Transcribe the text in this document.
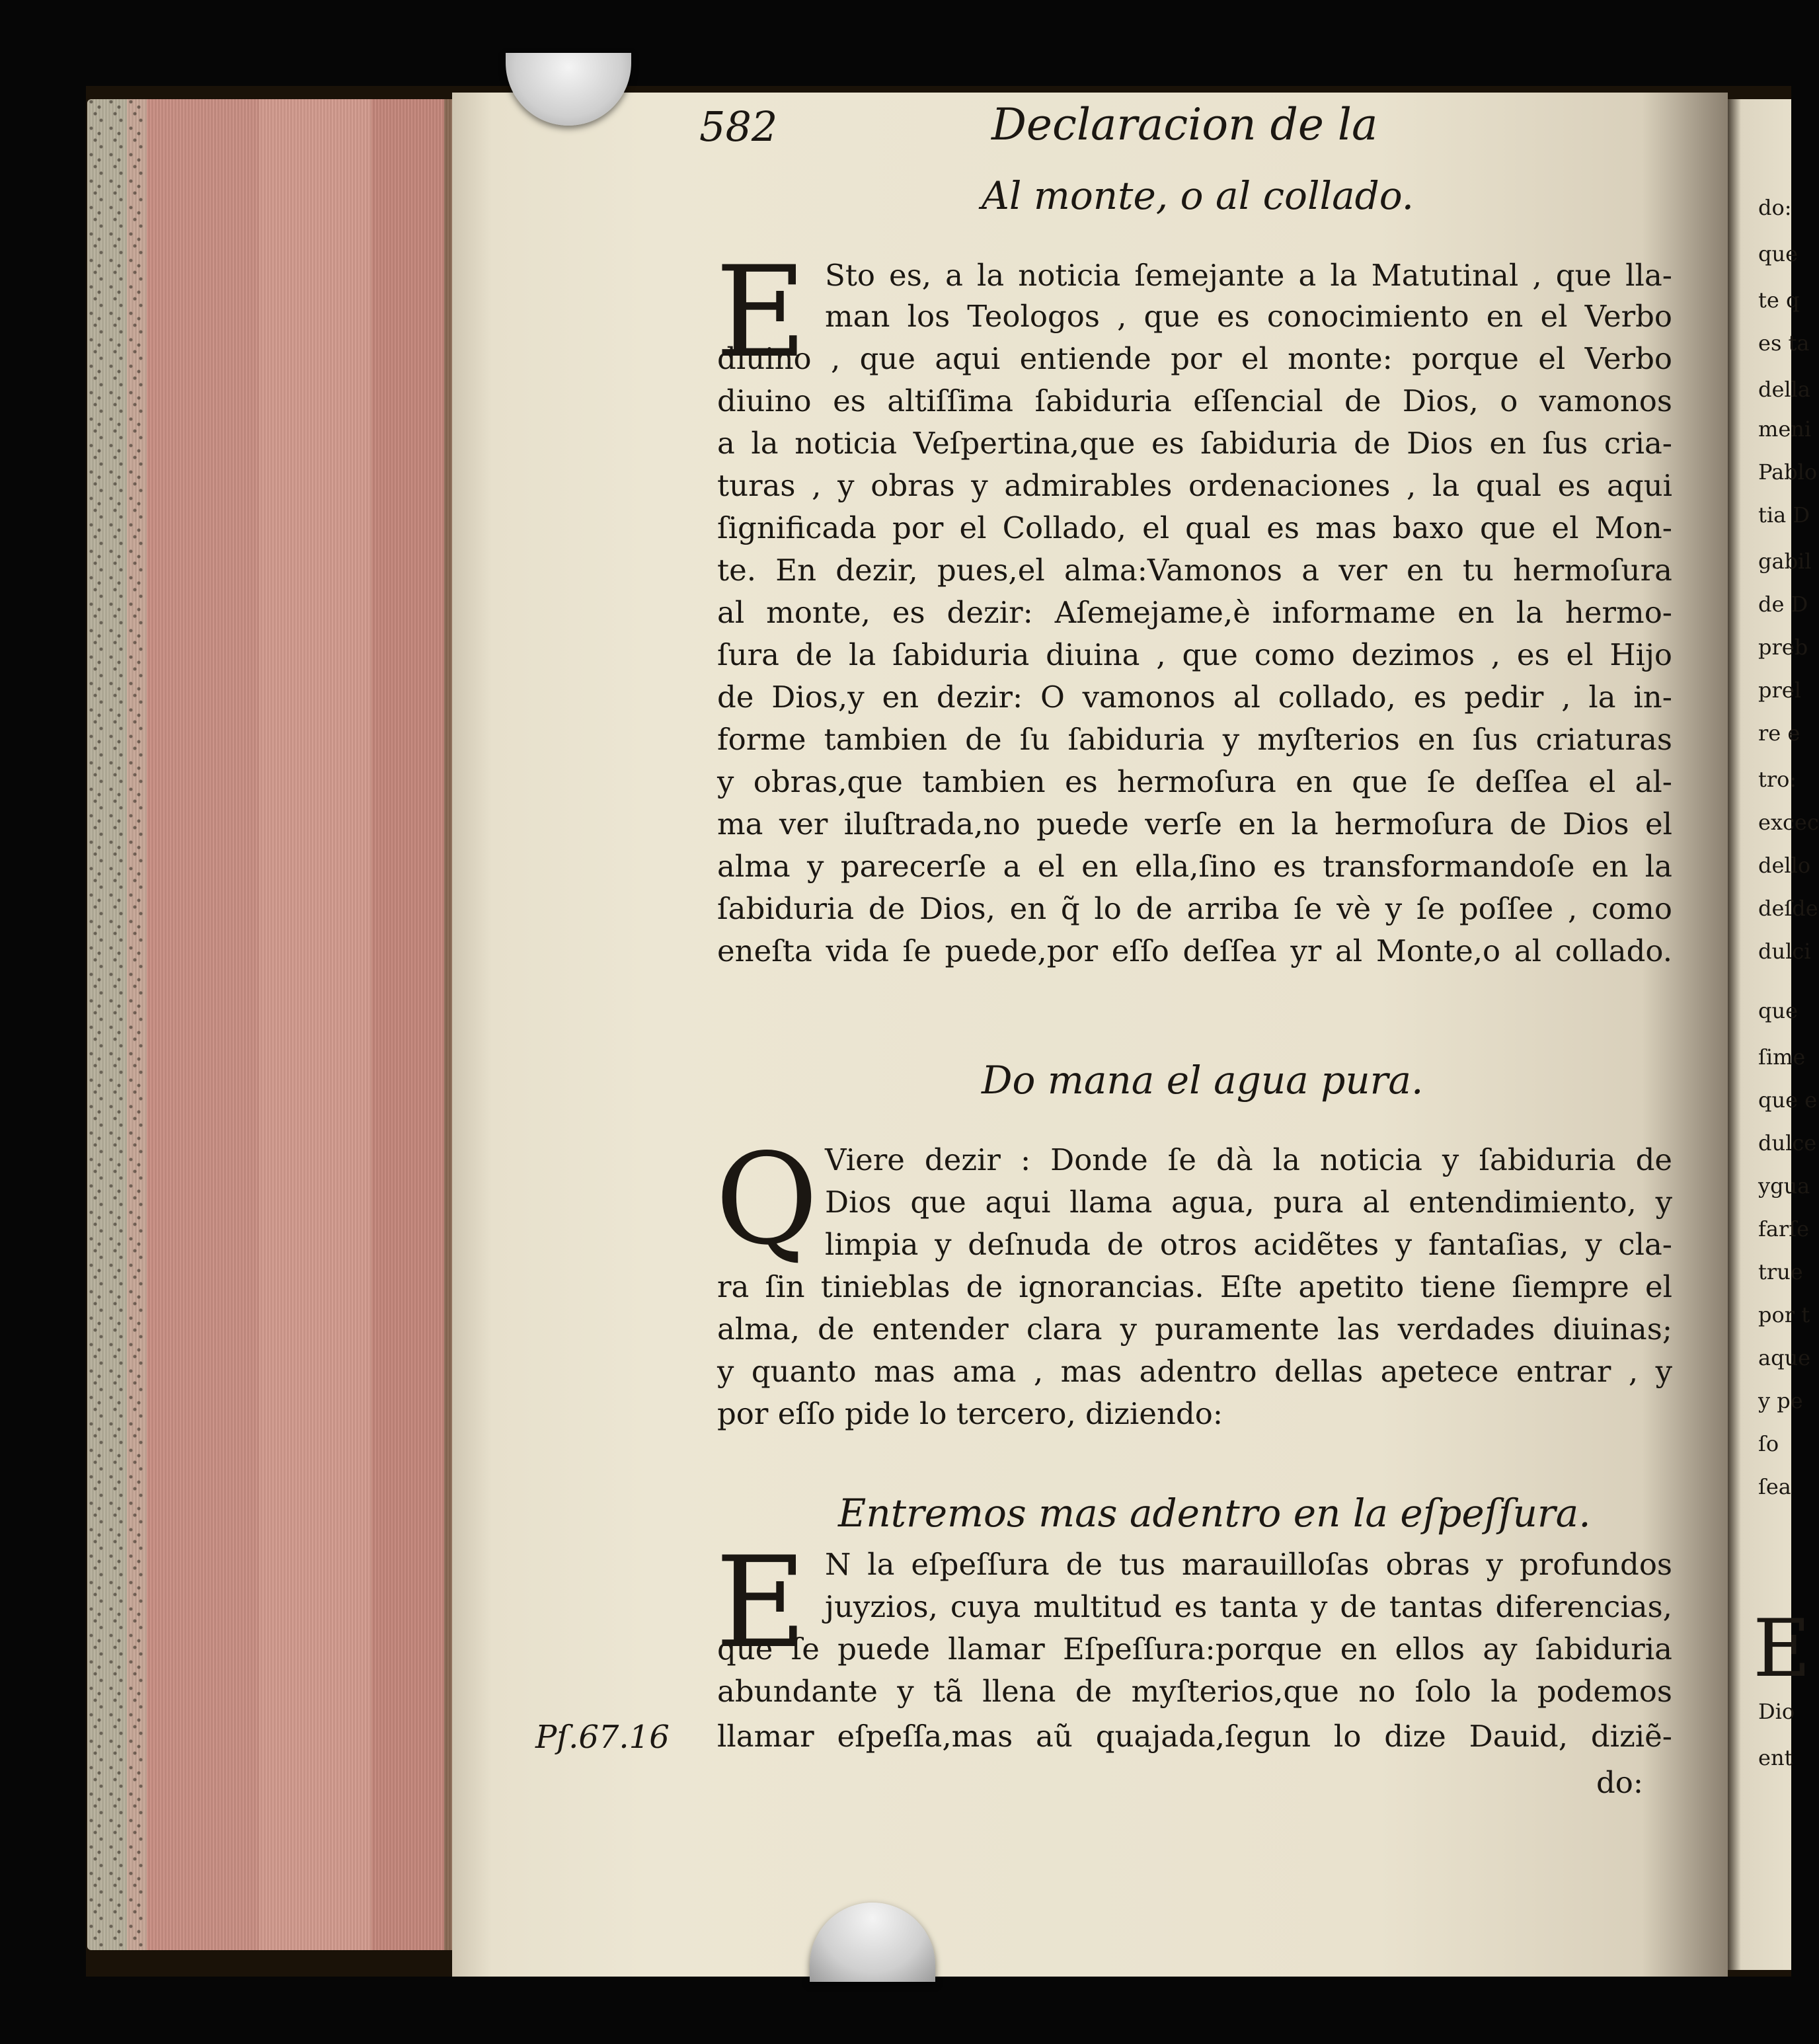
582	Declaracion de la
Al monte, o al collado.
E Sto es, a la noticia ſemejante a la Matutinal , que lla-
man los Teologos , que es conocimiento en el Verbo
diuino , que aqui entiende por el monte: porque el Verbo
diuino es altiſſima ſabiduria eſſencial de Dios, o vamonos
a la noticia Veſpertina,que es ſabiduria de Dios en ſus cria-
turas , y obras y admirables ordenaciones , la qual es aqui
ſignificada por el Collado, el qual es mas baxo que el Mon-
te. En dezir, pues,el alma:Vamonos a ver en tu hermoſura
al monte, es dezir: Aſemejame,è informame en la hermo-
ſura de la ſabiduria diuina , que como dezimos , es el Hijo
de Dios,y en dezir: O vamonos al collado, es pedir , la in-
forme tambien de ſu ſabiduria y myſterios en ſus criaturas
y obras,que tambien es hermoſura en que ſe deſſea el al-
ma ver iluſtrada,no puede verſe en la hermoſura de Dios el
alma y parecerſe a el en ella,ſino es transformandoſe en la
ſabiduria de Dios, en q̃ lo de arriba ſe vè y ſe poſſee , como
eneſta vida ſe puede,por eſſo deſſea yr al Monte,o al collado.
Do mana el agua pura.
Q Viere dezir : Donde ſe dà la noticia y ſabiduria de
Dios que aqui llama agua, pura al entendimiento, y
limpia y deſnuda de otros acidẽtes y fantaſias, y cla-
ra ſin tinieblas de ignorancias. Eſte apetito tiene ſiempre el
alma, de entender clara y puramente las verdades diuinas;
y quanto mas ama , mas adentro dellas apetece entrar , y
por eſſo pide lo tercero, diziendo:
Entremos mas adentro en la eſpeſſura.
E N la eſpeſſura de tus marauilloſas obras y profundos
juyzios, cuya multitud es tanta y de tantas diferencias,
que ſe puede llamar Eſpeſſura:porque en ellos ay ſabiduria
abundante y tã llena de myſterios,que no ſolo la podemos
llamar eſpeſſa,mas aũ quajada,ſegun lo dize Dauid, diziẽ-
Pſ.67.16
do:
do:
que
te q
es ta
della
meni
Pablo
tia D
gabil
de D
preb
prel
re e
tro:
excec
dello
deſde
dulci
que
ſime
que e
dulce
ygua
farſe
true
por t
aque
y pe
ſo
ſea
E
Dio
ent
